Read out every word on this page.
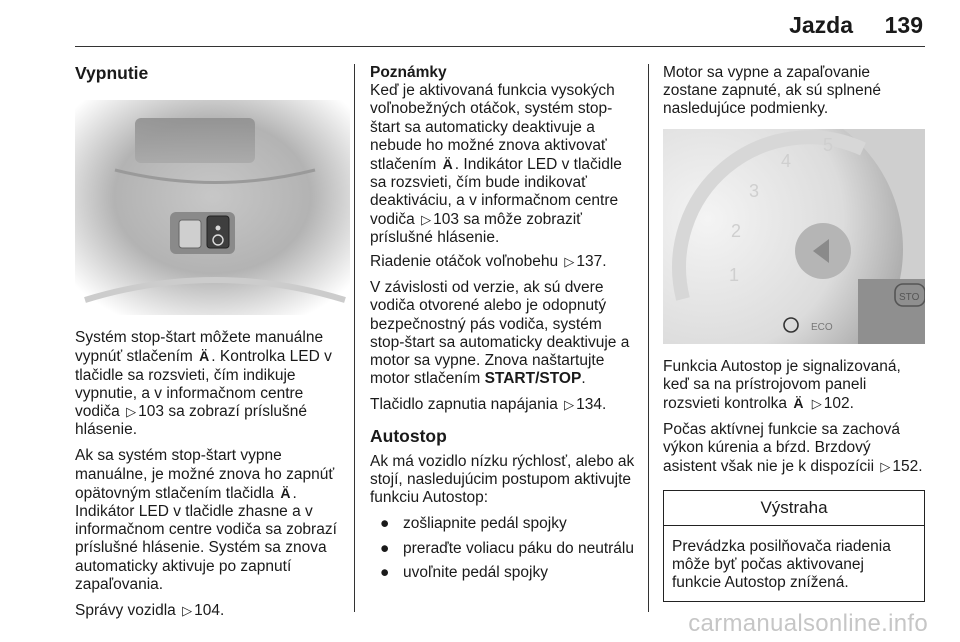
Jazda 139
Vypnutie

Systém stop-štart môžete manuálne vypnúť stlačením Ä . Kontrolka LED v tlačidle sa rozsvieti, čím indikuje vypnutie, a v informačnom centre vodiča ▷ 103 sa zobrazí príslušné hlásenie.

Ak sa systém stop-štart vypne manuálne, je možné znova ho zapnúť opätovným stlačením tlačidla Ä . Indikátor LED v tlačidle zhasne a v informačnom centre vodiča sa zobrazí príslušné hlásenie. Systém sa znova automaticky aktivuje po zapnutí zapaľovania.

Správy vozidla ▷ 104.

Poznámky

Keď je aktivovaná funkcia vysokých voľnobežných otáčok, systém stop-štart sa automaticky deaktivuje a nebude ho možné znova aktivovať stlačením Ä . Indikátor LED v tlačidle sa rozsvieti, čím bude indikovať deaktiváciu, a v informačnom centre vodiča ▷ 103 sa môže zobraziť príslušné hlásenie.

Riadenie otáčok voľnobehu ▷ 137.

V závislosti od verzie, ak sú dvere vodiča otvorené alebo je odopnutý bezpečnostný pás vodiča, systém stop-štart sa automaticky deaktivuje a motor sa vypne. Znova naštartujte motor stlačením START/STOP.

Tlačidlo zapnutia napájania ▷ 134.

Autostop

Ak má vozidlo nízku rýchlosť, alebo ak stojí, nasledujúcim postupom aktivujte funkciu Autostop:

● zošliapnite pedál spojky
● preraďte voliacu páku do neutrálu
● uvoľnite pedál spojky

Motor sa vypne a zapaľovanie zostane zapnuté, ak sú splnené nasledujúce podmienky.

1
2
3
4
5
ECO
STO

Funkcia Autostop je signalizovaná, keď sa na prístrojovom paneli rozsvieti kontrolka Ä ▷ 102.

Počas aktívnej funkcie sa zachová výkon kúrenia a bŕzd. Brzdový asistent však nie je k dispozícii ▷ 152.

Výstraha
Prevádzka posilňovača riadenia môže byť počas aktivovanej funkcie Autostop znížená.
carmanualsonline.info
